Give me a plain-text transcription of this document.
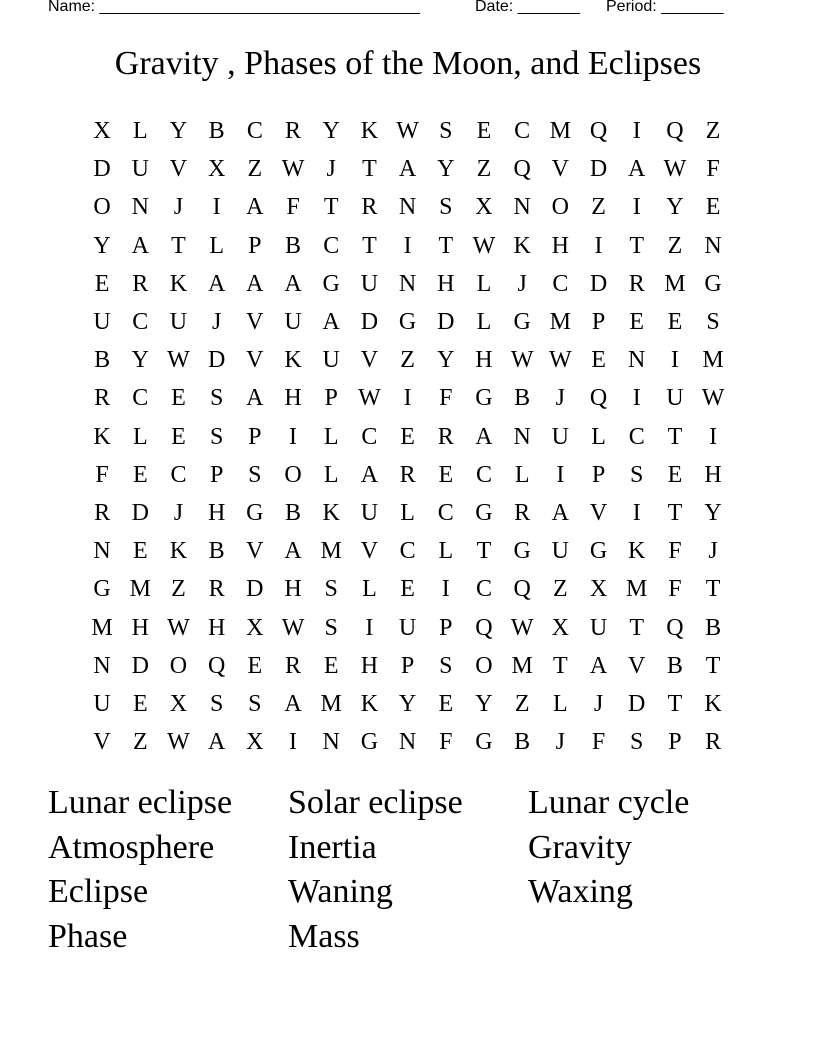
Name: ____________________________________	Date: _______ Period: _______
Gravity , Phases of the Moon, and Eclipses
X L Y B C R Y K W S	E C M Q	I	Q Z
D U V X Z W J	T A Y Z Q V D A W F
O N	J	I	A F	T R N S X N O Z	I	Y E
Y A T L	P B C T	I	T W K H	I	T Z N
E R K A A A G U N H L	J	C D R M G
U C U	J	V U A D G D L G M P	E E	S
B Y W D V K U V Z Y H W W E N	I M
R C E	S A H P W I	F G B	J	Q	I	U W
K L E	S	P	I	L C E R A N U L C T	I
F	E C P	S O L A R E C L	I	P	S	E H
R D	J	H G B K U L C G R A V	I	T Y
N E K B V A M V C L T G U G K F	J
G M Z R D H S	L E	I	C Q Z X M F	T
M H W H X W S	I	U P Q W X U T Q B
N D O Q E R E H P	S O M T A V B T
U E X S	S A M K Y E Y Z L	J	D T K
V Z W A X	I	N G N F G B	J	F	S	P R
Lunar eclipse	Solar eclipse	Lunar cycle
Atmosphere	Inertia	Gravity
Eclipse	Waning	Waxing
Phase	Mass
